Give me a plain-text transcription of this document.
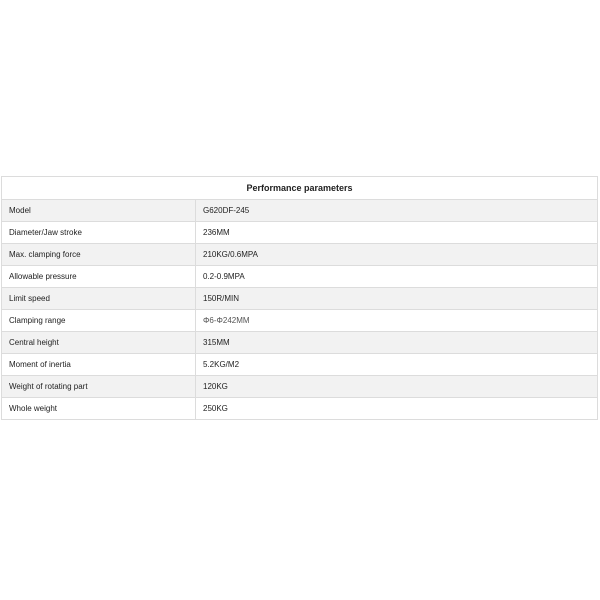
Performance parameters	
Model	G620DF-245
Diameter/Jaw stroke	236MM
Max. clamping force	210KG/0.6MPA
Allowable pressure	0.2-0.9MPA
Limit speed	150R/MIN
Clamping range	Φ6-Φ242MM
Central height	315MM
Moment of inertia	5.2KG/M2
Weight of rotating part	120KG
Whole weight	250KG
